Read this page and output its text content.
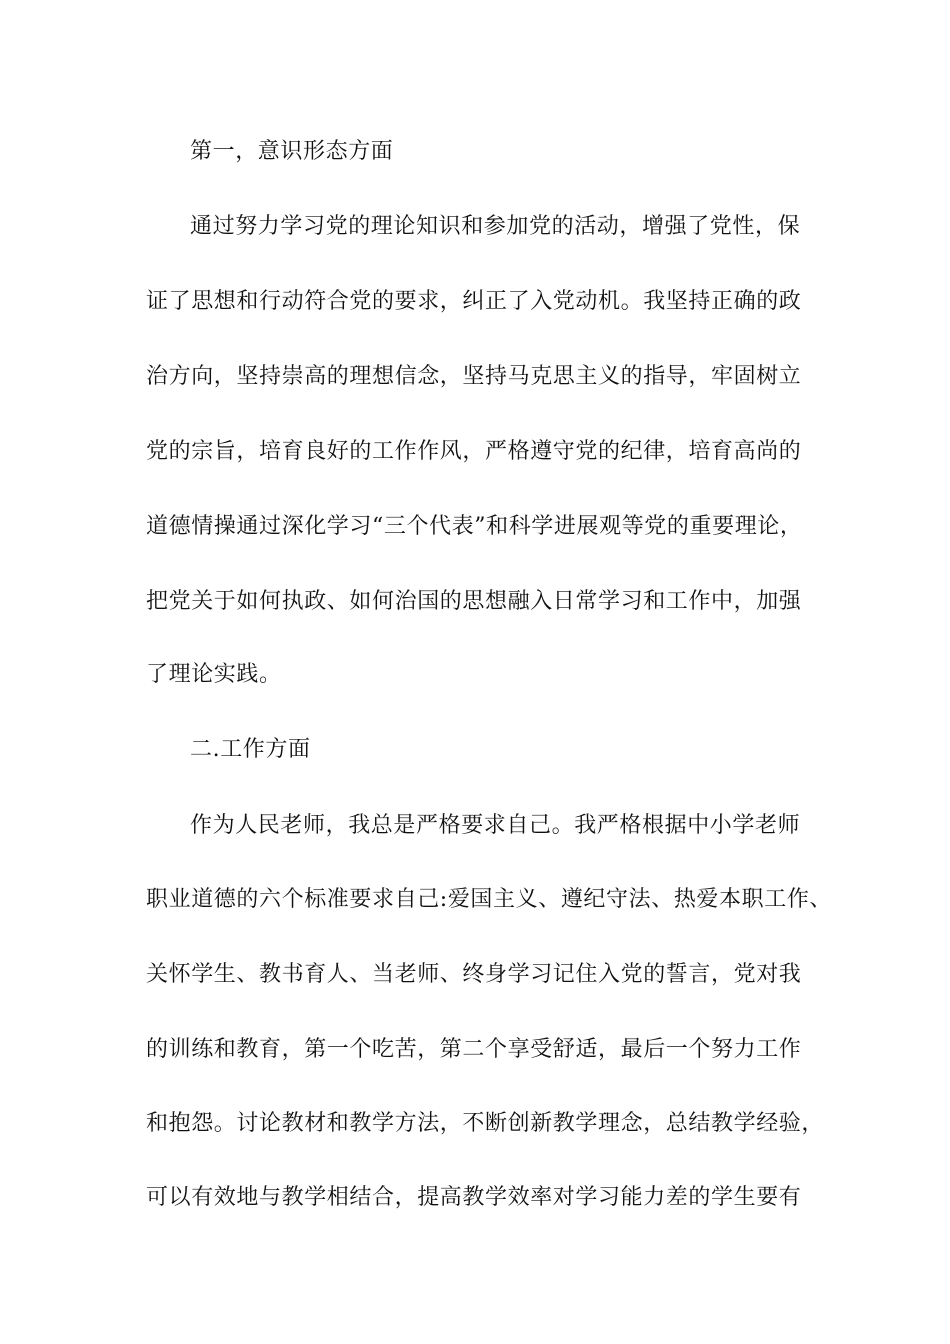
第一，意识形态方面
通过努力学习党的理论知识和参加党的活动，增强了党性，保
证了思想和行动符合党的要求，纠正了入党动机。我坚持正确的政
治方向，坚持崇高的理想信念，坚持马克思主义的指导，牢固树立
党的宗旨，培育良好的工作作风，严格遵守党的纪律，培育高尚的
道德情操通过深化学习“三个代表”和科学进展观等党的重要理论，
把党关于如何执政、如何治国的思想融入日常学习和工作中，加强
了理论实践。
二.工作方面
作为人民老师，我总是严格要求自己。我严格根据中小学老师
职业道德的六个标准要求自己:爱国主义、遵纪守法、热爱本职工作、
关怀学生、教书育人、当老师、终身学习记住入党的誓言，党对我
的训练和教育，第一个吃苦，第二个享受舒适，最后一个努力工作
和抱怨。讨论教材和教学方法，不断创新教学理念，总结教学经验，
可以有效地与教学相结合，提高教学效率对学习能力差的学生要有
